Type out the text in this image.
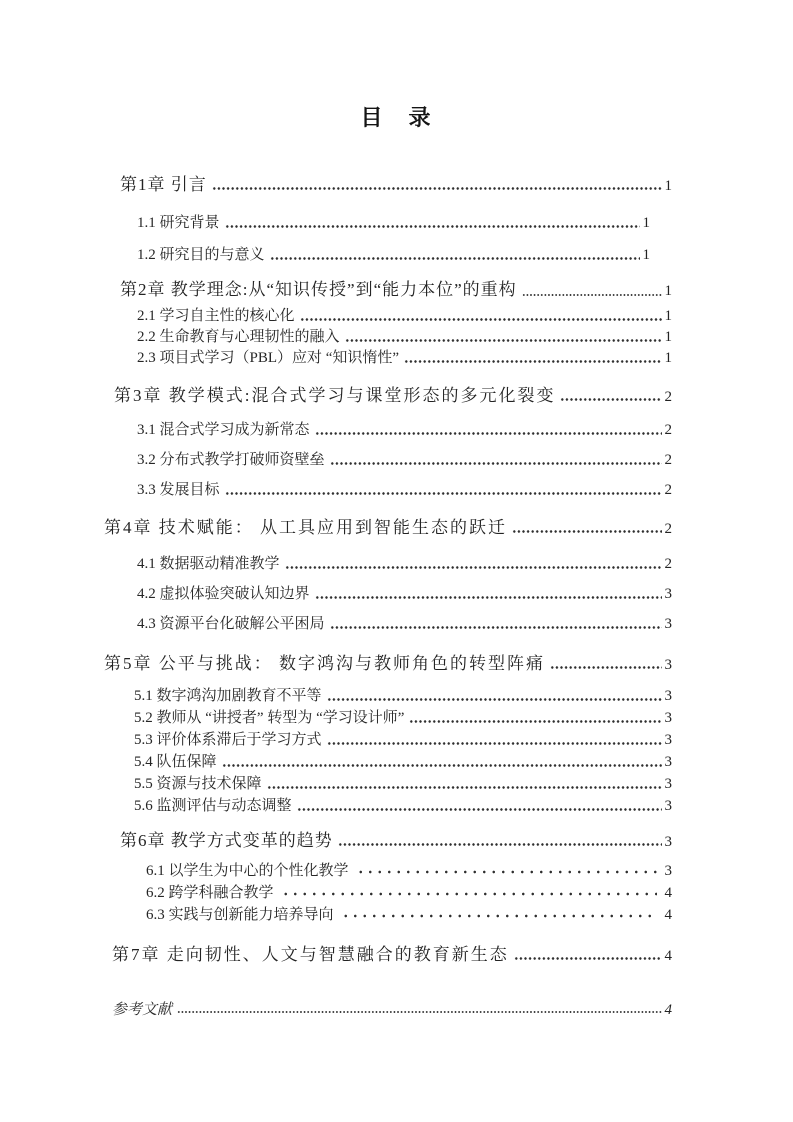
目　录
第1章 引言	1
1.1 研究背景	1
1.2 研究目的与意义	1
第2章 教学理念:从“知识传授”到“能力本位”的重构	1
2.1 学习自主性的核心化	1
2.2 生命教育与心理韧性的融入	1
2.3 项目式学习（PBL）应对 “知识惰性”	1
第3章 教学模式:混合式学习与课堂形态的多元化裂变	2
3.1 混合式学习成为新常态	2
3.2 分布式教学打破师资壁垒	2
3.3 发展目标	2
第4章 技术赋能： 从工具应用到智能生态的跃迁	2
4.1 数据驱动精准教学	2
4.2 虚拟体验突破认知边界	3
4.3 资源平台化破解公平困局	3
第5章 公平与挑战： 数字鸿沟与教师角色的转型阵痛	3
5.1 数字鸿沟加剧教育不平等	3
5.2 教师从 “讲授者” 转型为 “学习设计师”	3
5.3 评价体系滞后于学习方式	3
5.4 队伍保障	3
5.5 资源与技术保障	3
5.6 监测评估与动态调整	3
第6章 教学方式变革的趋势	3
6.1 以学生为中心的个性化教学	3
6.2 跨学科融合教学	4
6.3 实践与创新能力培养导向	4
第7章 走向韧性、人文与智慧融合的教育新生态	4
参考文献	4
